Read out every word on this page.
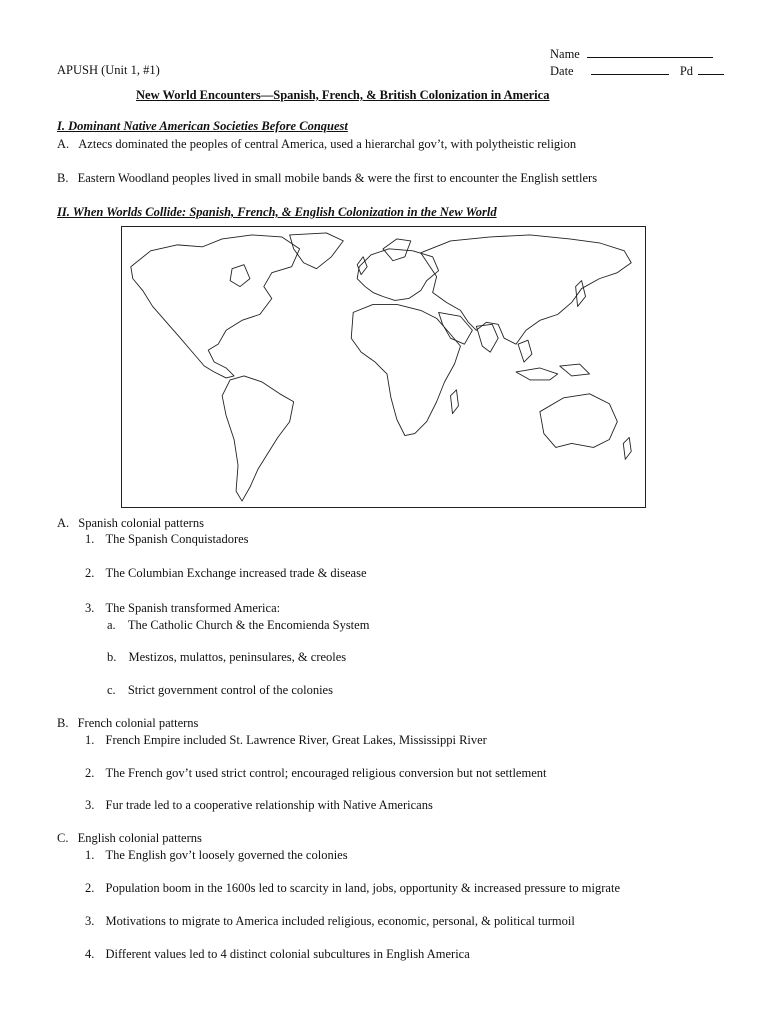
Name
APUSH (Unit 1, #1)	Date	Pd
New World Encounters—Spanish, French, & British Colonization in America
I. Dominant Native American Societies Before Conquest
A. Aztecs dominated the peoples of central America, used a hierarchal gov’t, with polytheistic religion
B. Eastern Woodland peoples lived in small mobile bands & were the first to encounter the English settlers
II. When Worlds Collide: Spanish, French, & English Colonization in the New World
A. Spanish colonial patterns
1. The Spanish Conquistadores
2. The Columbian Exchange increased trade & disease
3. The Spanish transformed America:
a. The Catholic Church & the Encomienda System
b. Mestizos, mulattos, peninsulares, & creoles
c. Strict government control of the colonies
B. French colonial patterns
1. French Empire included St. Lawrence River, Great Lakes, Mississippi River
2. The French gov’t used strict control; encouraged religious conversion but not settlement
3. Fur trade led to a cooperative relationship with Native Americans
C. English colonial patterns
1. The English gov’t loosely governed the colonies
2. Population boom in the 1600s led to scarcity in land, jobs, opportunity & increased pressure to migrate
3. Motivations to migrate to America included religious, economic, personal, & political turmoil
4. Different values led to 4 distinct colonial subcultures in English America
